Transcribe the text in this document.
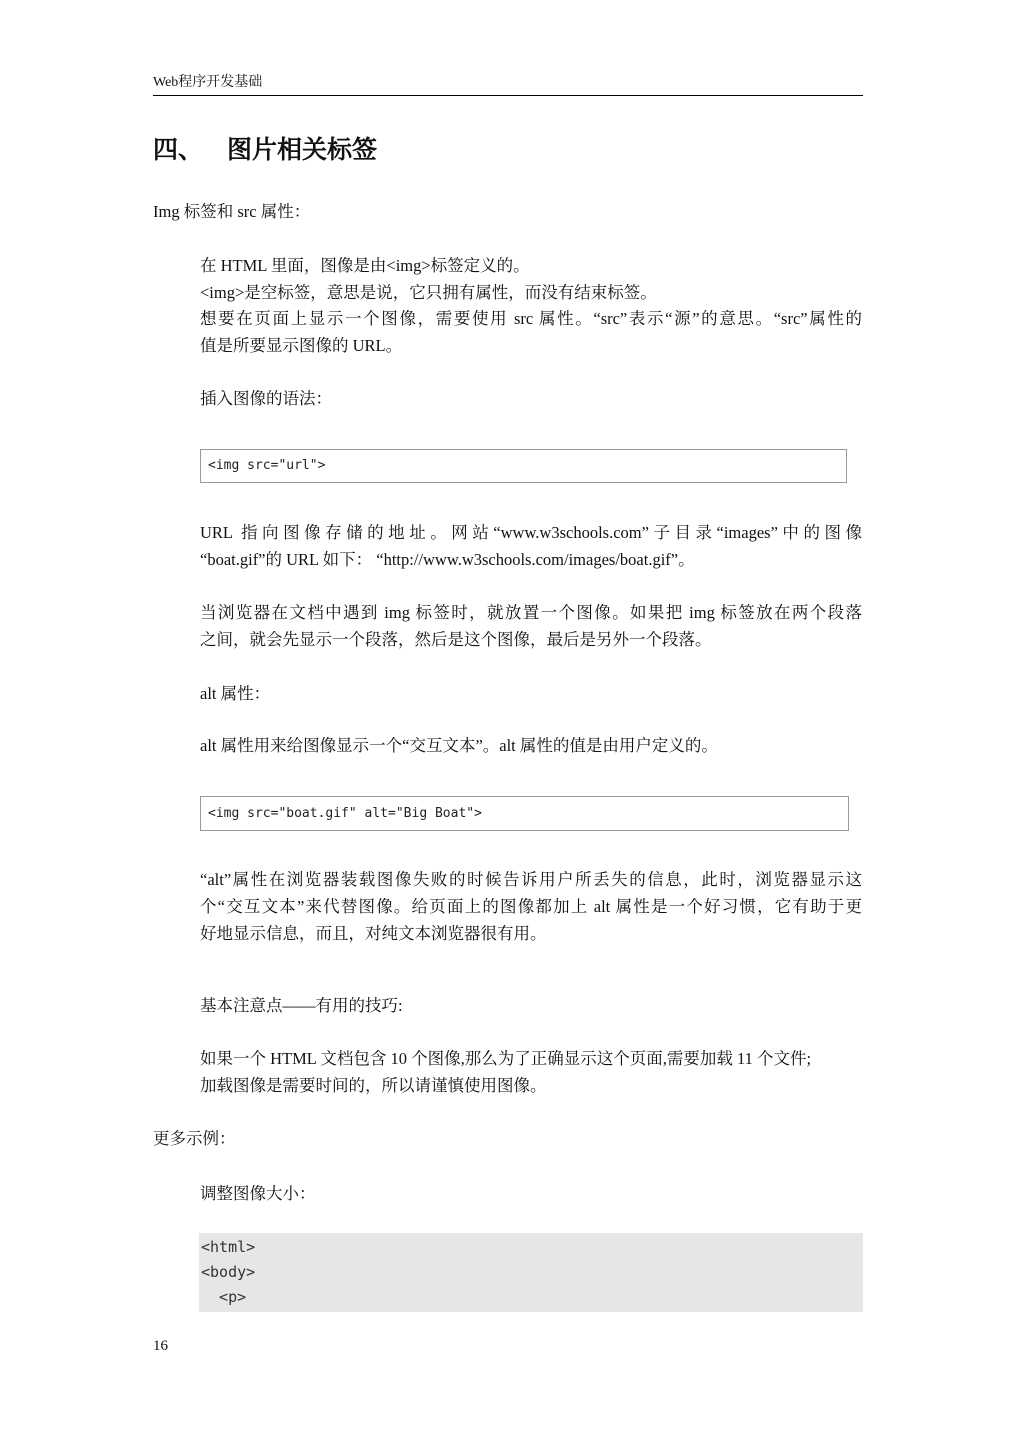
Web程序开发基础
四、 图片相关标签
Img 标签和 src 属性：
在 HTML 里面，图像是由<img>标签定义的。
<img>是空标签，意思是说，它只拥有属性，而没有结束标签。
想要在页面上显示一个图像，需要使用 src 属性。“src”表示“源”的意思。“src”属性的
值是所要显示图像的 URL。
插入图像的语法：
<img src="url">
URL 指向图像存储的地址。网站“www.w3schools.com”子目录“images”中的图像
“boat.gif”的 URL 如下： “http://www.w3schools.com/images/boat.gif”。
当浏览器在文档中遇到 img 标签时，就放置一个图像。如果把 img 标签放在两个段落
之间，就会先显示一个段落，然后是这个图像，最后是另外一个段落。
alt 属性：
alt 属性用来给图像显示一个“交互文本”。alt 属性的值是由用户定义的。
<img src="boat.gif" alt="Big Boat">
“alt”属性在浏览器装载图像失败的时候告诉用户所丢失的信息，此时，浏览器显示这
个“交互文本”来代替图像。给页面上的图像都加上 alt 属性是一个好习惯，它有助于更
好地显示信息，而且，对纯文本浏览器很有用。
基本注意点——有用的技巧:
如果一个 HTML 文档包含 10 个图像,那么为了正确显示这个页面,需要加载 11 个文件;
加载图像是需要时间的，所以请谨慎使用图像。
更多示例：
调整图像大小：
<html>
<body>
<p>
16
